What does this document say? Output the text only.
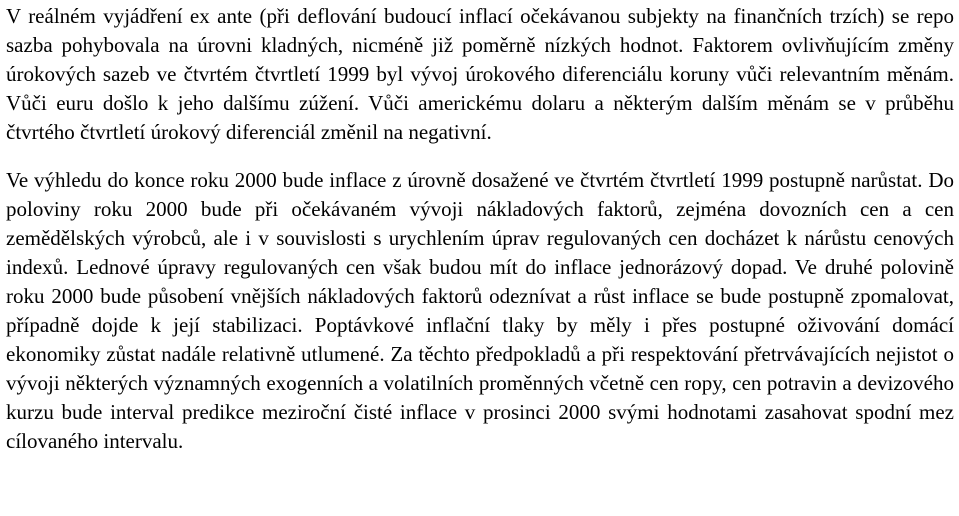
V reálném vyjádření ex ante (při deflování budoucí inflací očekávanou subjekty na finančních trzích) se repo sazba pohybovala na úrovni kladných, nicméně již poměrně nízkých hodnot. Faktorem ovlivňujícím změny úrokových sazeb ve čtvrtém čtvrtletí 1999 byl vývoj úrokového diferenciálu koruny vůči relevantním měnám. Vůči euru došlo k jeho dalšímu zúžení. Vůči americkému dolaru a některým dalším měnám se v průběhu čtvrtého čtvrtletí úrokový diferenciál změnil na negativní.

Ve výhledu do konce roku 2000 bude inflace z úrovně dosažené ve čtvrtém čtvrtletí 1999 postupně narůstat. Do poloviny roku 2000 bude při očekávaném vývoji nákladových faktorů, zejména dovozních cen a cen zemědělských výrobců, ale i v souvislosti s urychlením úprav regulovaných cen docházet k nárůstu cenových indexů. Lednové úpravy regulovaných cen však budou mít do inflace jednorázový dopad. Ve druhé polovině roku 2000 bude působení vnějších nákladových faktorů odeznívat a růst inflace se bude postupně zpomalovat, případně dojde k její stabilizaci. Poptávkové inflační tlaky by měly i přes postupné oživování domácí ekonomiky zůstat nadále relativně utlumené. Za těchto předpokladů a při respektování přetrvávajících nejistot o vývoji některých významných exogenních a volatilních proměnných včetně cen ropy, cen potravin a devizového kurzu bude interval predikce meziroční čisté inflace v prosinci 2000 svými hodnotami zasahovat spodní mez cílovaného intervalu.
